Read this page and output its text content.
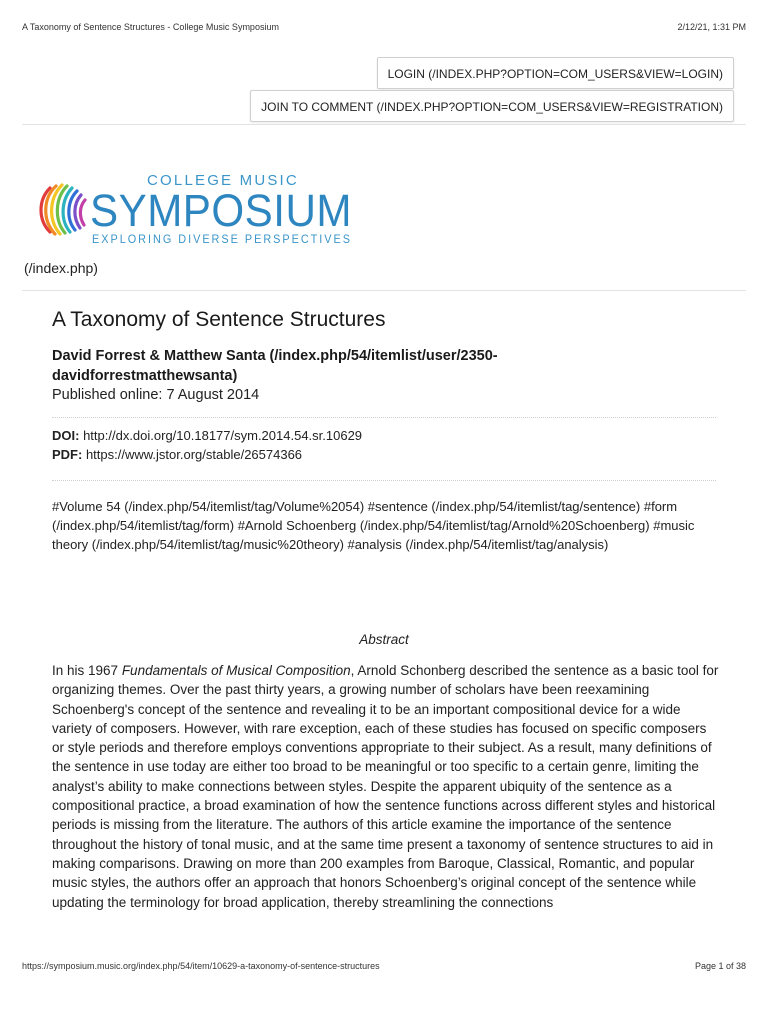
A Taxonomy of Sentence Structures - College Music Symposium	2/12/21, 1:31 PM
LOGIN (/INDEX.PHP?OPTION=COM_USERS&VIEW=LOGIN)
JOIN TO COMMENT (/INDEX.PHP?OPTION=COM_USERS&VIEW=REGISTRATION)
COLLEGE MUSIC
SYMPOSIUM
EXPLORING DIVERSE PERSPECTIVES
(/index.php)
A Taxonomy of Sentence Structures
David Forrest & Matthew Santa (/index.php/54/itemlist/user/2350-davidforrestmatthewsanta)
Published online: 7 August 2014
DOI: http://dx.doi.org/10.18177/sym.2014.54.sr.10629
PDF: https://www.jstor.org/stable/26574366
#Volume 54 (/index.php/54/itemlist/tag/Volume%2054) #sentence (/index.php/54/itemlist/tag/sentence) #form (/index.php/54/itemlist/tag/form) #Arnold Schoenberg (/index.php/54/itemlist/tag/Arnold%20Schoenberg) #music theory (/index.php/54/itemlist/tag/music%20theory) #analysis (/index.php/54/itemlist/tag/analysis)
Abstract
In his 1967 Fundamentals of Musical Composition, Arnold Schonberg described the sentence as a basic tool for organizing themes. Over the past thirty years, a growing number of scholars have been reexamining Schoenberg's concept of the sentence and revealing it to be an important compositional device for a wide variety of composers. However, with rare exception, each of these studies has focused on specific composers or style periods and therefore employs conventions appropriate to their subject. As a result, many definitions of the sentence in use today are either too broad to be meaningful or too specific to a certain genre, limiting the analyst’s ability to make connections between styles. Despite the apparent ubiquity of the sentence as a compositional practice, a broad examination of how the sentence functions across different styles and historical periods is missing from the literature. The authors of this article examine the importance of the sentence throughout the history of tonal music, and at the same time present a taxonomy of sentence structures to aid in making comparisons. Drawing on more than 200 examples from Baroque, Classical, Romantic, and popular music styles, the authors offer an approach that honors Schoenberg’s original concept of the sentence while updating the terminology for broad application, thereby streamlining the connections
https://symposium.music.org/index.php/54/item/10629-a-taxonomy-of-sentence-structures	Page 1 of 38
